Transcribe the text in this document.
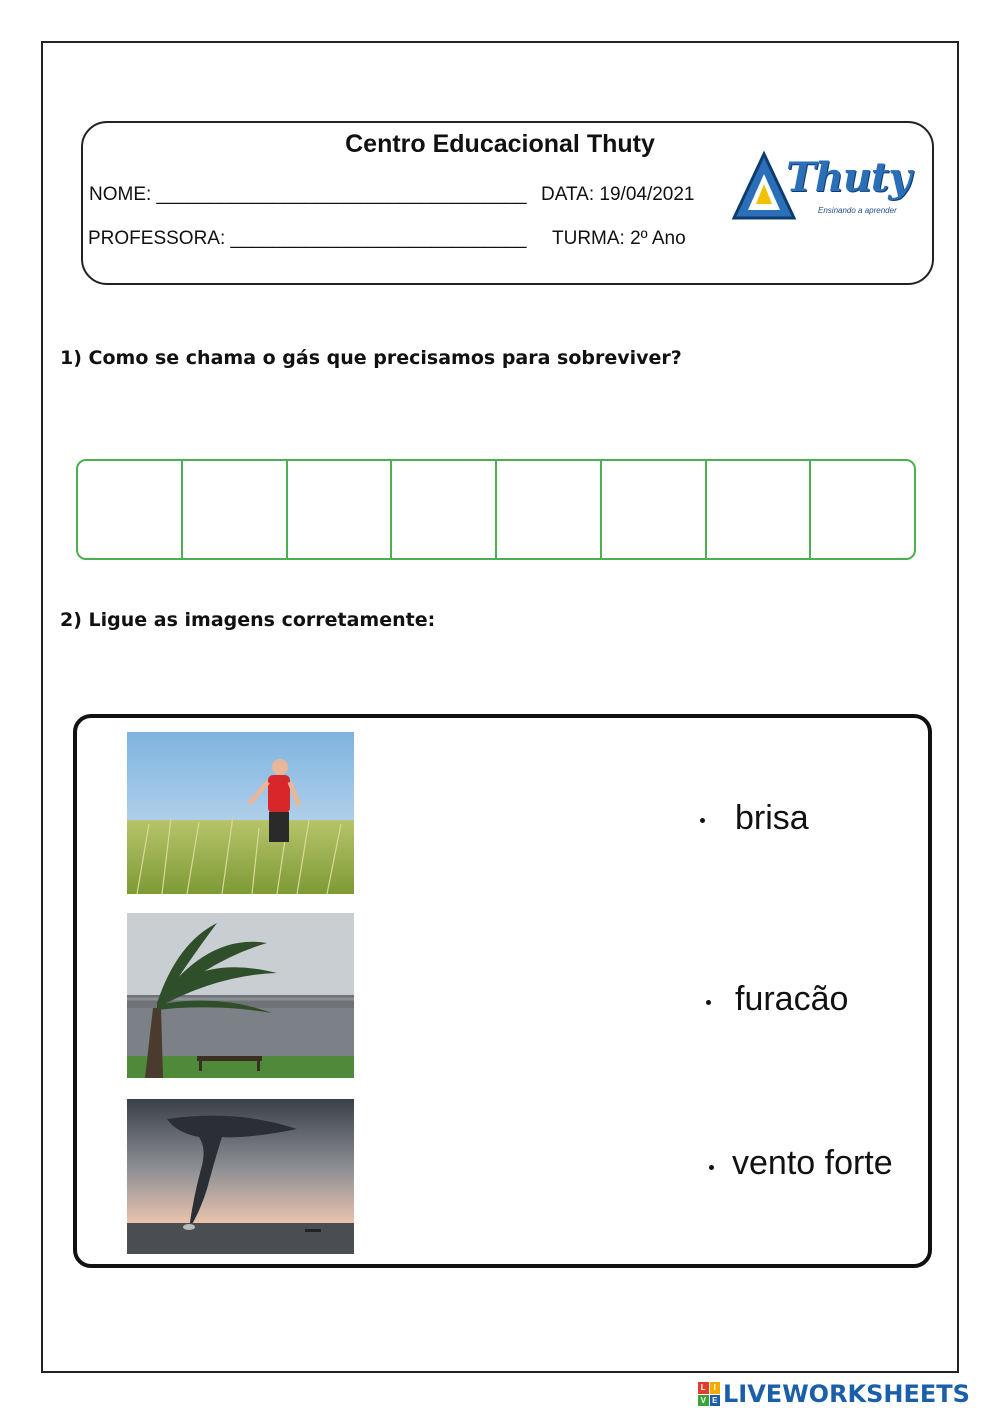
Centro Educacional Thuty
NOME: ___________________________________ DATA: 19/04/2021
PROFESSORA: ____________________________ TURMA: 2º Ano
Thuty
Ensinando a aprender
1) Como se chama o gás que precisamos para sobreviver?
2) Ligue as imagens corretamente:
brisa
furacão
vento forte
L I
V E LIVEWORKSHEETS
